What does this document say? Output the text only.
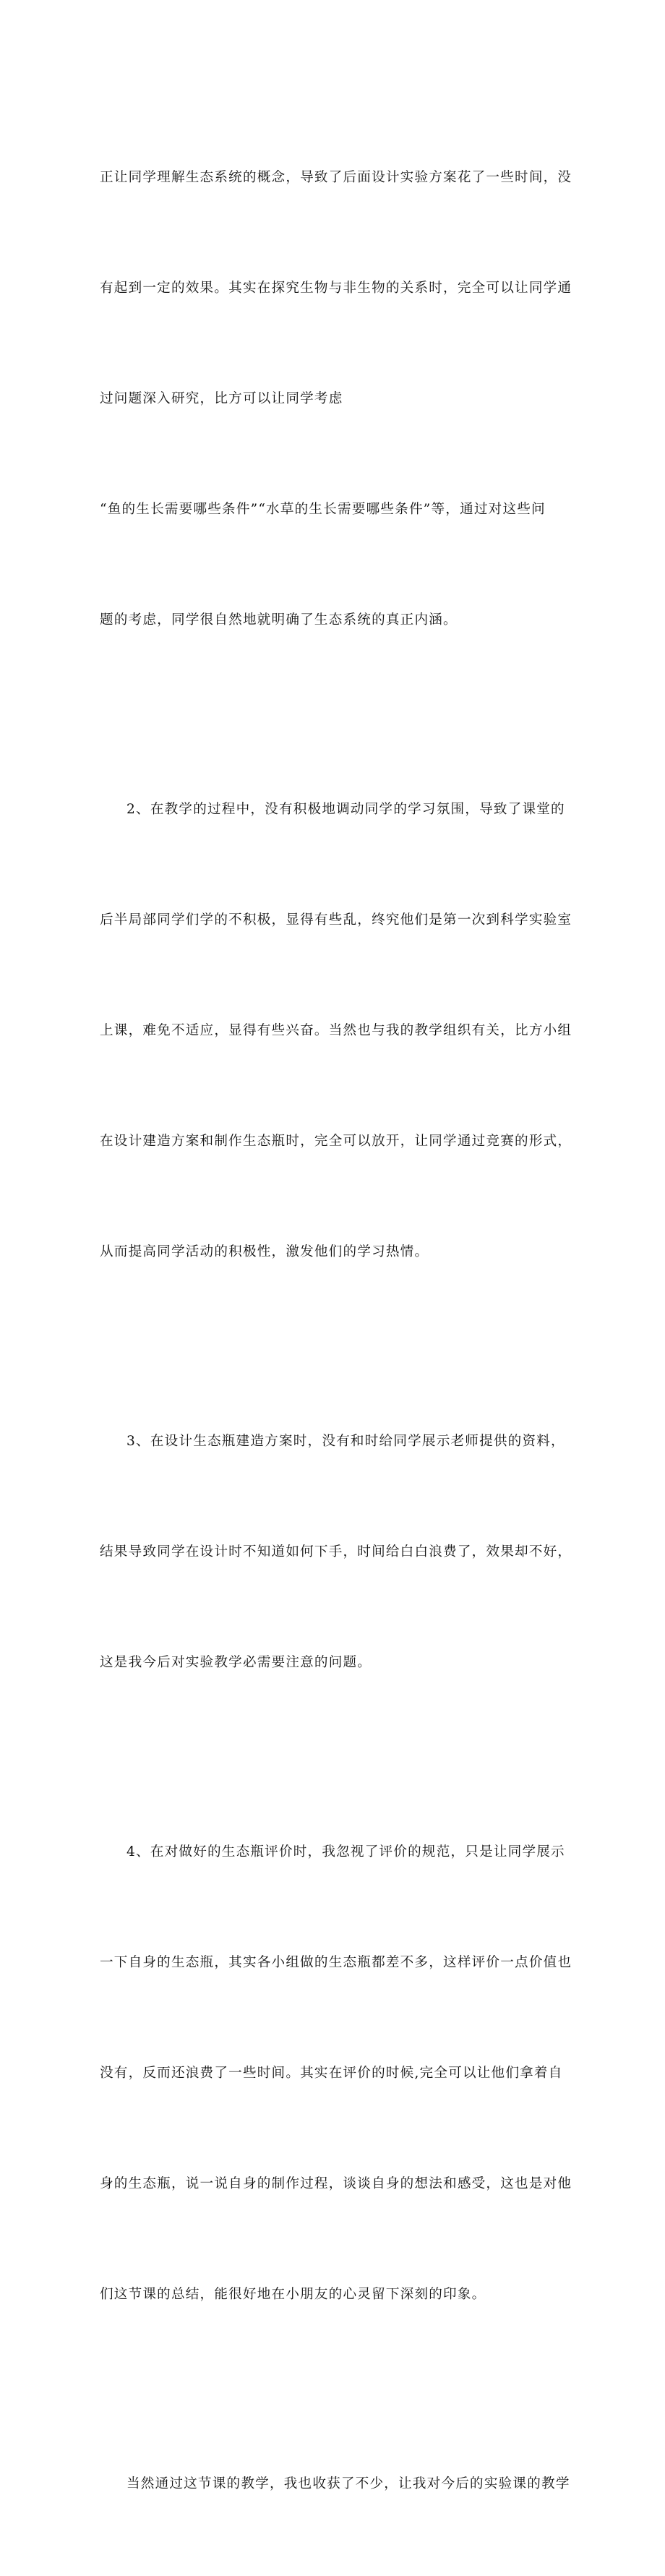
正让同学理解生态系统的概念，导致了后面设计实验方案花了一些时间，没

有起到一定的效果。其实在探究生物与非生物的关系时，完全可以让同学通

过问题深入研究，比方可以让同学考虑

“鱼的生长需要哪些条件”“水草的生长需要哪些条件”等，通过对这些问

题的考虑，同学很自然地就明确了生态系统的真正内涵。

2、在教学的过程中，没有积极地调动同学的学习氛围，导致了课堂的

后半局部同学们学的不积极，显得有些乱，终究他们是第一次到科学实验室

上课，难免不适应，显得有些兴奋。当然也与我的教学组织有关，比方小组

在设计建造方案和制作生态瓶时，完全可以放开，让同学通过竞赛的形式，

从而提高同学活动的积极性，激发他们的学习热情。

3、在设计生态瓶建造方案时，没有和时给同学展示老师提供的资料，

结果导致同学在设计时不知道如何下手，时间给白白浪费了，效果却不好，

这是我今后对实验教学必需要注意的问题。

4、在对做好的生态瓶评价时，我忽视了评价的规范，只是让同学展示

一下自身的生态瓶，其实各小组做的生态瓶都差不多，这样评价一点价值也

没有，反而还浪费了一些时间。其实在评价的时候,完全可以让他们拿着自

身的生态瓶，说一说自身的制作过程，谈谈自身的想法和感受，这也是对他

们这节课的总结，能很好地在小朋友的心灵留下深刻的印象。

当然通过这节课的教学，我也收获了不少，让我对今后的实验课的教学
